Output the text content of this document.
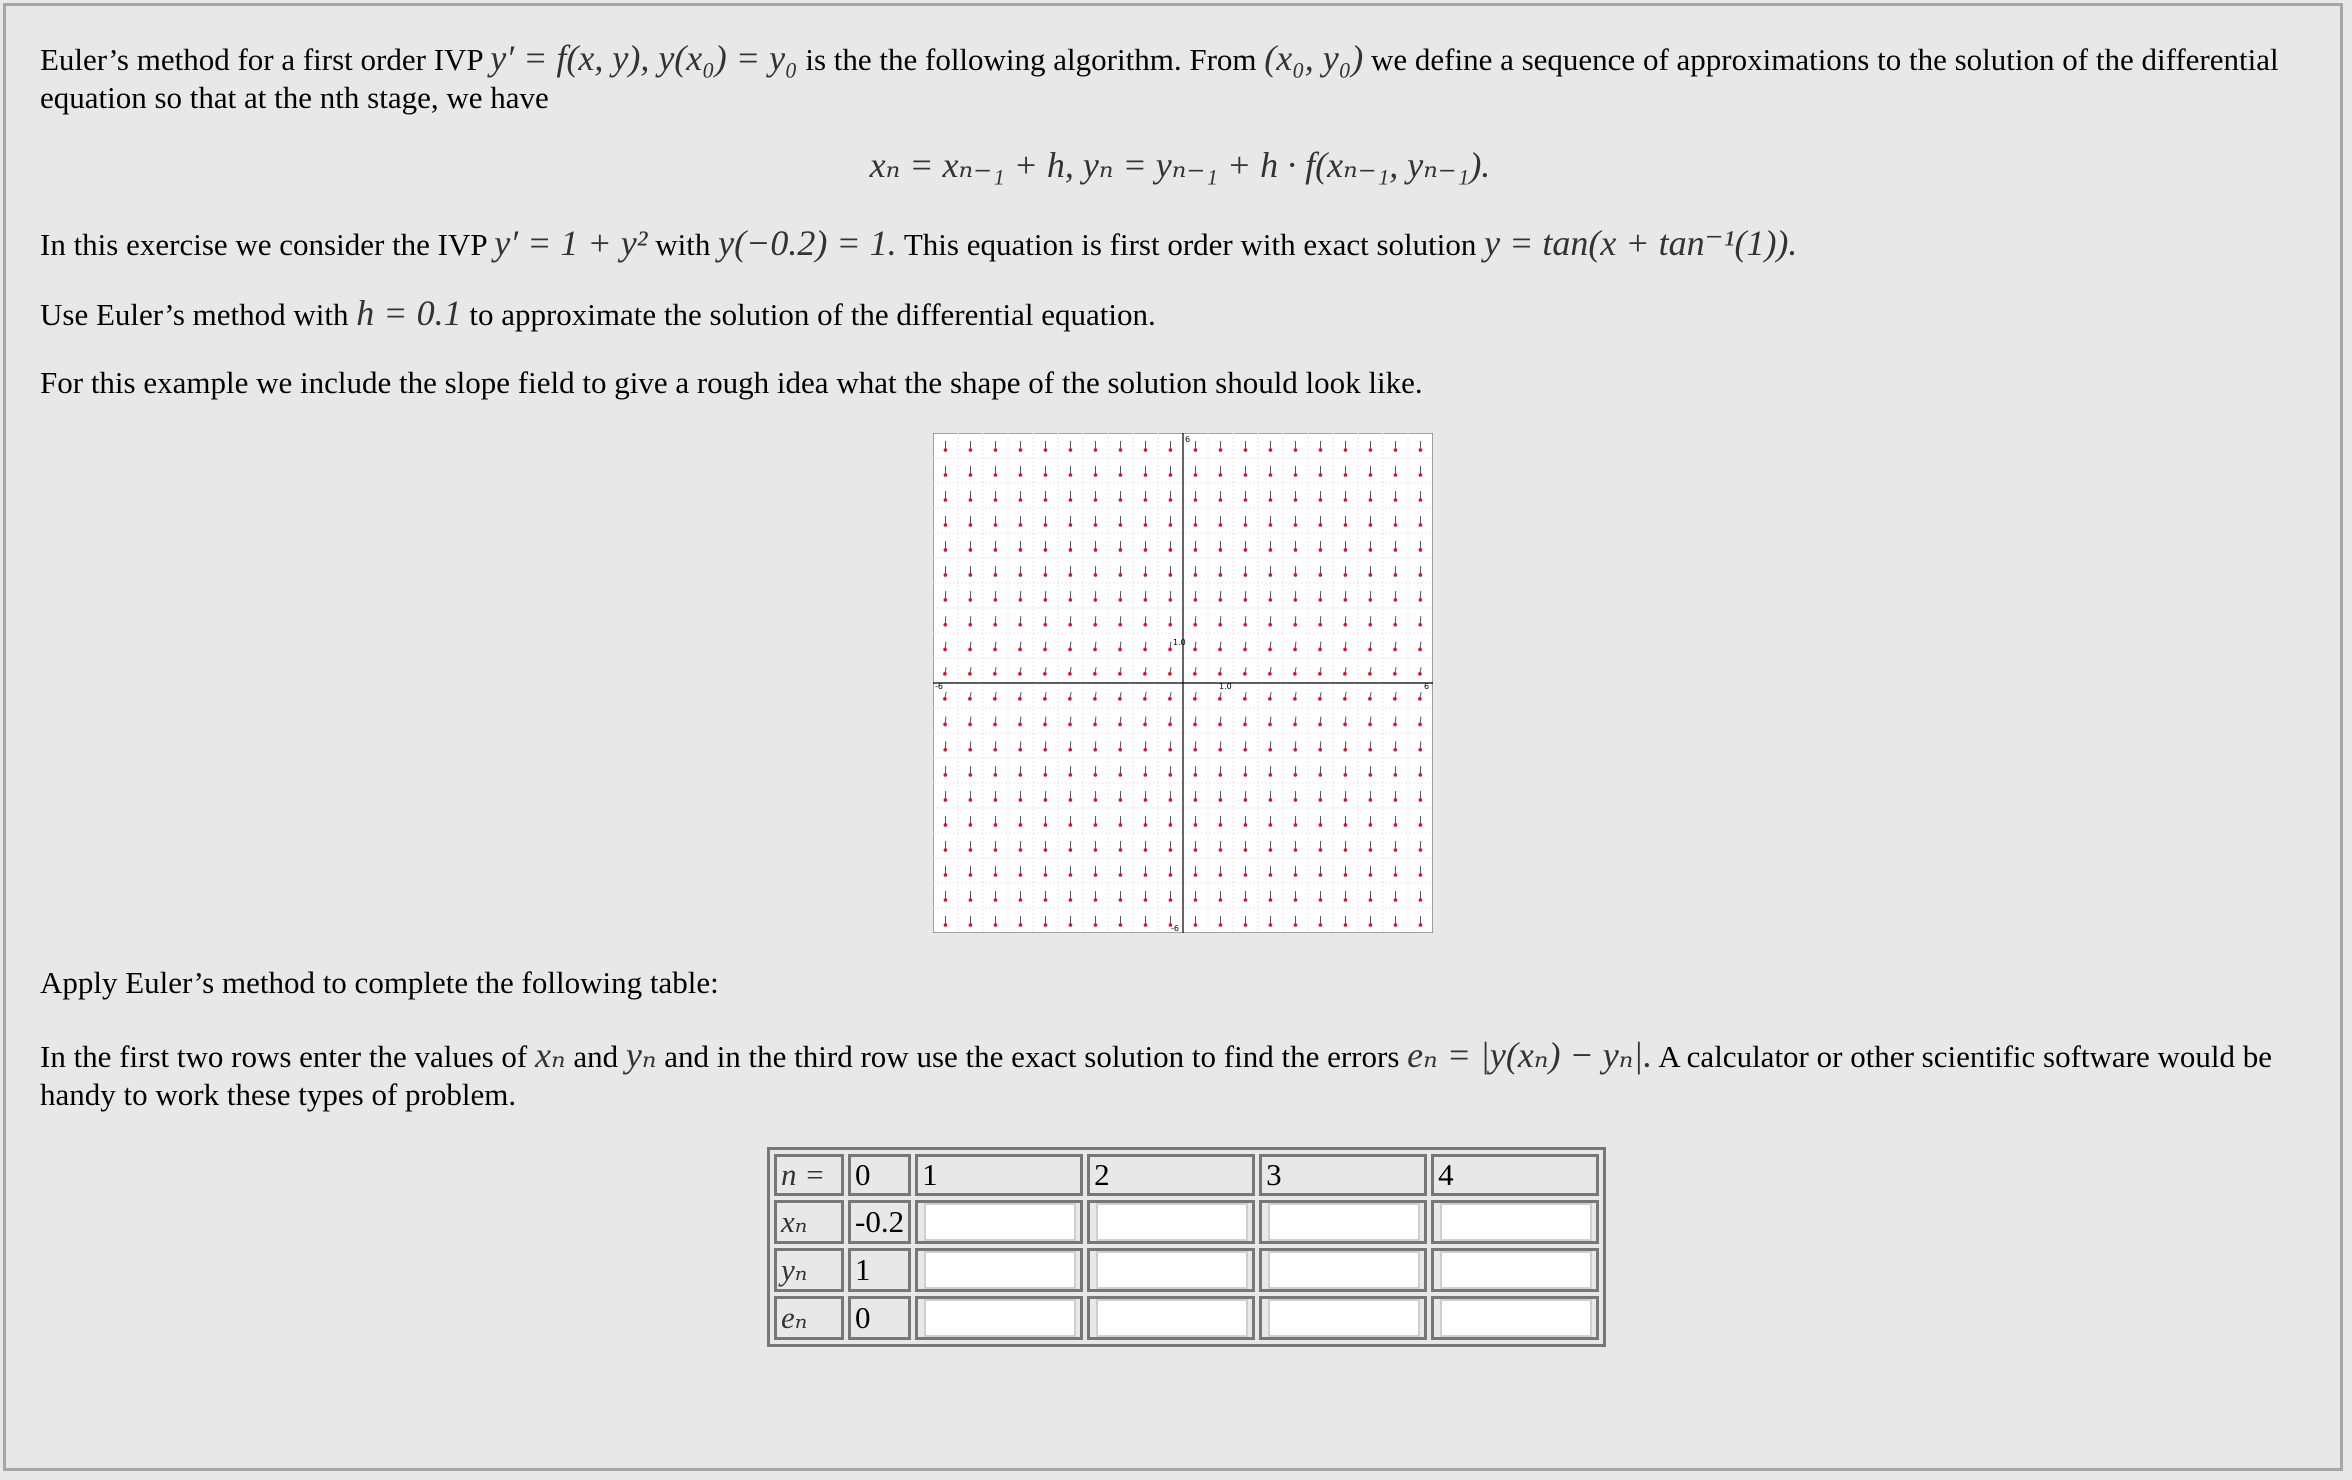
Euler’s method for a first order IVP y′ = f(x, y), y(x₀) = y₀ is the the following algorithm. From (x₀, y₀) we define a sequence of approximations to the solution of the differential equation so that at the nth stage, we have
xₙ = xₙ₋₁ + h, yₙ = yₙ₋₁ + h · f(xₙ₋₁, yₙ₋₁).
In this exercise we consider the IVP y′ = 1 + y² with y(−0.2) = 1. This equation is first order with exact solution y = tan(x + tan⁻¹(1)).
Use Euler’s method with h = 0.1 to approximate the solution of the differential equation.
For this example we include the slope field to give a rough idea what the shape of the solution should look like.
Apply Euler’s method to complete the following table:
In the first two rows enter the values of xₙ and yₙ and in the third row use the exact solution to find the errors eₙ = |y(xₙ) − yₙ|. A calculator or other scientific software would be handy to work these types of problem.
-6	6
6
-6
1.0
1.0
n =	0	1	2	3	4
xₙ	-0.2	

yₙ	1	

eₙ	0	
